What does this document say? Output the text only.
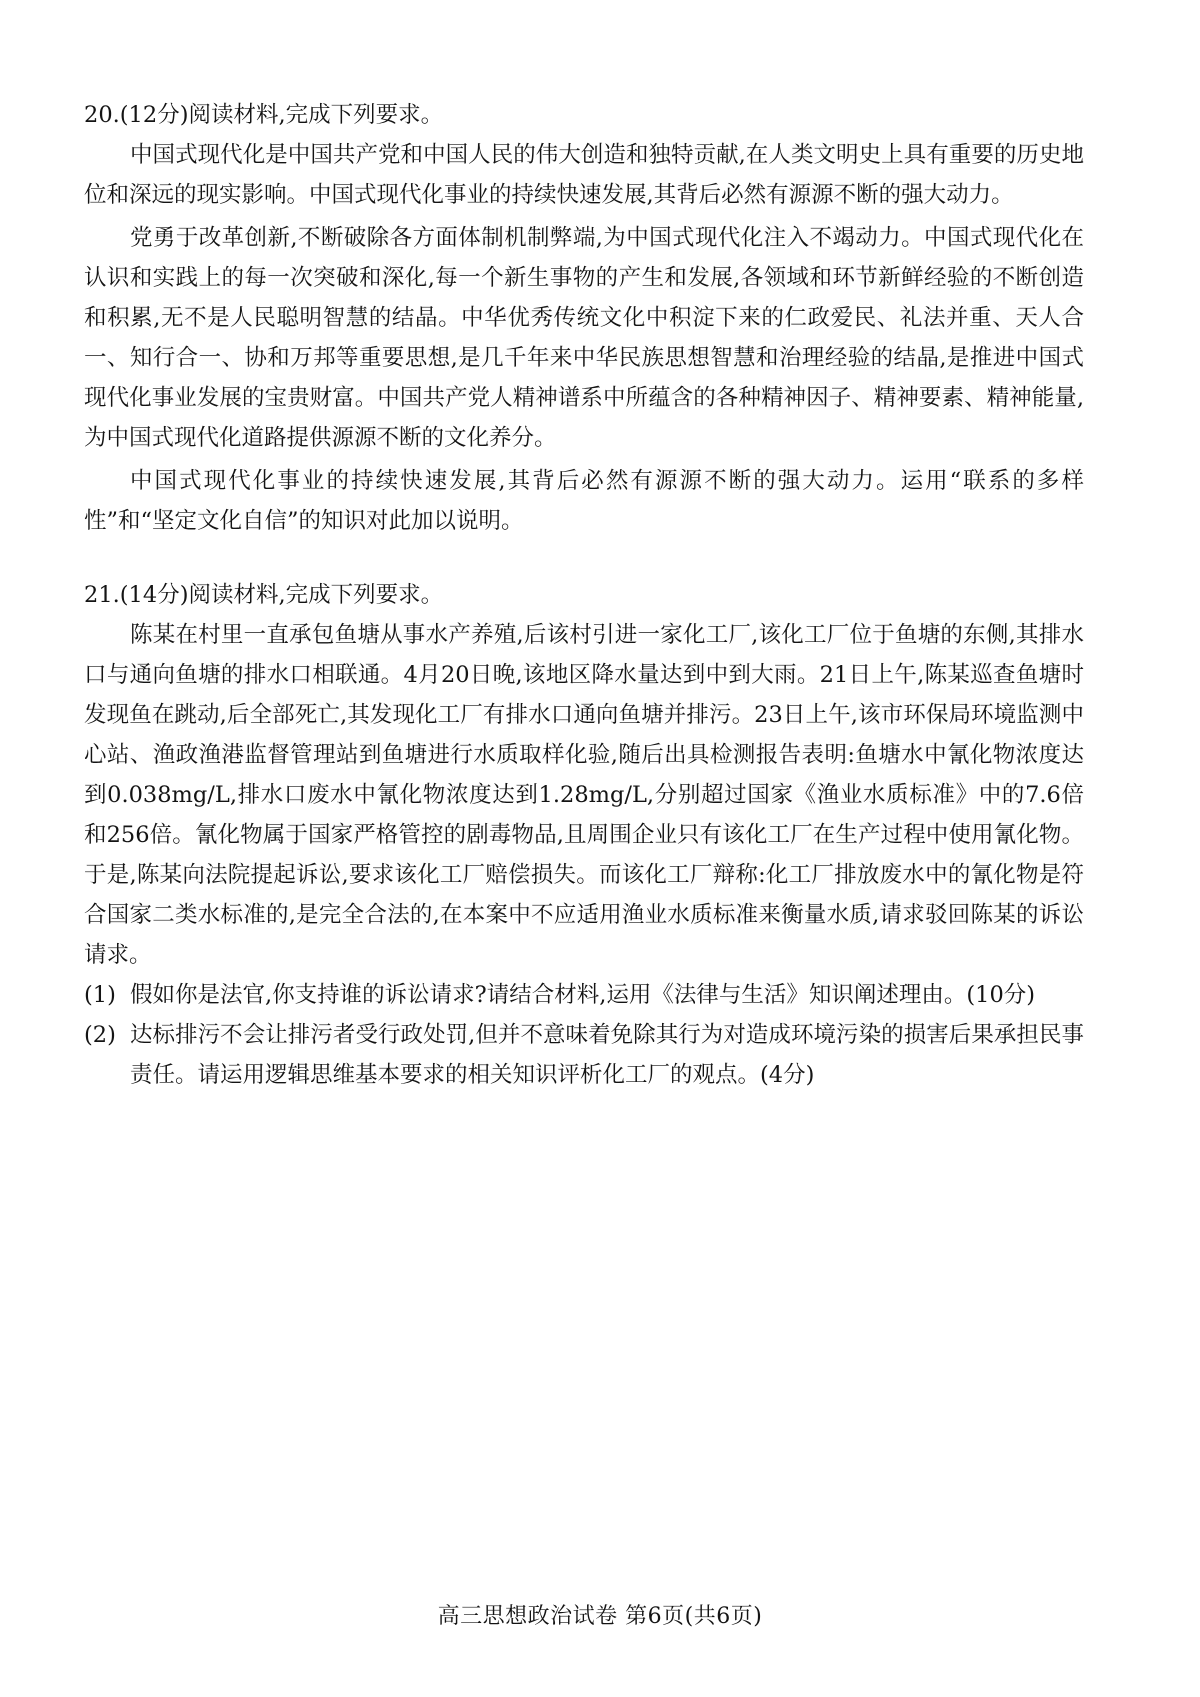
20.(12分)阅读材料,完成下列要求。

中国式现代化是中国共产党和中国人民的伟大创造和独特贡献,在人类文明史上具有重要的历史地位和深远的现实影响。中国式现代化事业的持续快速发展,其背后必然有源源不断的强大动力。

党勇于改革创新,不断破除各方面体制机制弊端,为中国式现代化注入不竭动力。中国式现代化在认识和实践上的每一次突破和深化,每一个新生事物的产生和发展,各领域和环节新鲜经验的不断创造和积累,无不是人民聪明智慧的结晶。中华优秀传统文化中积淀下来的仁政爱民、礼法并重、天人合一、知行合一、协和万邦等重要思想,是几千年来中华民族思想智慧和治理经验的结晶,是推进中国式现代化事业发展的宝贵财富。中国共产党人精神谱系中所蕴含的各种精神因子、精神要素、精神能量,为中国式现代化道路提供源源不断的文化养分。

中国式现代化事业的持续快速发展,其背后必然有源源不断的强大动力。运用“联系的多样性”和“坚定文化自信”的知识对此加以说明。

21.(14分)阅读材料,完成下列要求。

陈某在村里一直承包鱼塘从事水产养殖,后该村引进一家化工厂,该化工厂位于鱼塘的东侧,其排水口与通向鱼塘的排水口相联通。4月20日晚,该地区降水量达到中到大雨。21日上午,陈某巡查鱼塘时发现鱼在跳动,后全部死亡,其发现化工厂有排水口通向鱼塘并排污。23日上午,该市环保局环境监测中心站、渔政渔港监督管理站到鱼塘进行水质取样化验,随后出具检测报告表明:鱼塘水中氰化物浓度达到0.038mg/L,排水口废水中氰化物浓度达到1.28mg/L,分别超过国家《渔业水质标准》中的7.6倍和256倍。氰化物属于国家严格管控的剧毒物品,且周围企业只有该化工厂在生产过程中使用氰化物。于是,陈某向法院提起诉讼,要求该化工厂赔偿损失。而该化工厂辩称:化工厂排放废水中的氰化物是符合国家二类水标准的,是完全合法的,在本案中不应适用渔业水质标准来衡量水质,请求驳回陈某的诉讼请求。

(1) 假如你是法官,你支持谁的诉讼请求?请结合材料,运用《法律与生活》知识阐述理由。(10分)
(2) 达标排污不会让排污者受行政处罚,但并不意味着免除其行为对造成环境污染的损害后果承担民事责任。请运用逻辑思维基本要求的相关知识评析化工厂的观点。(4分)
高三思想政治试卷 第6页(共6页)
